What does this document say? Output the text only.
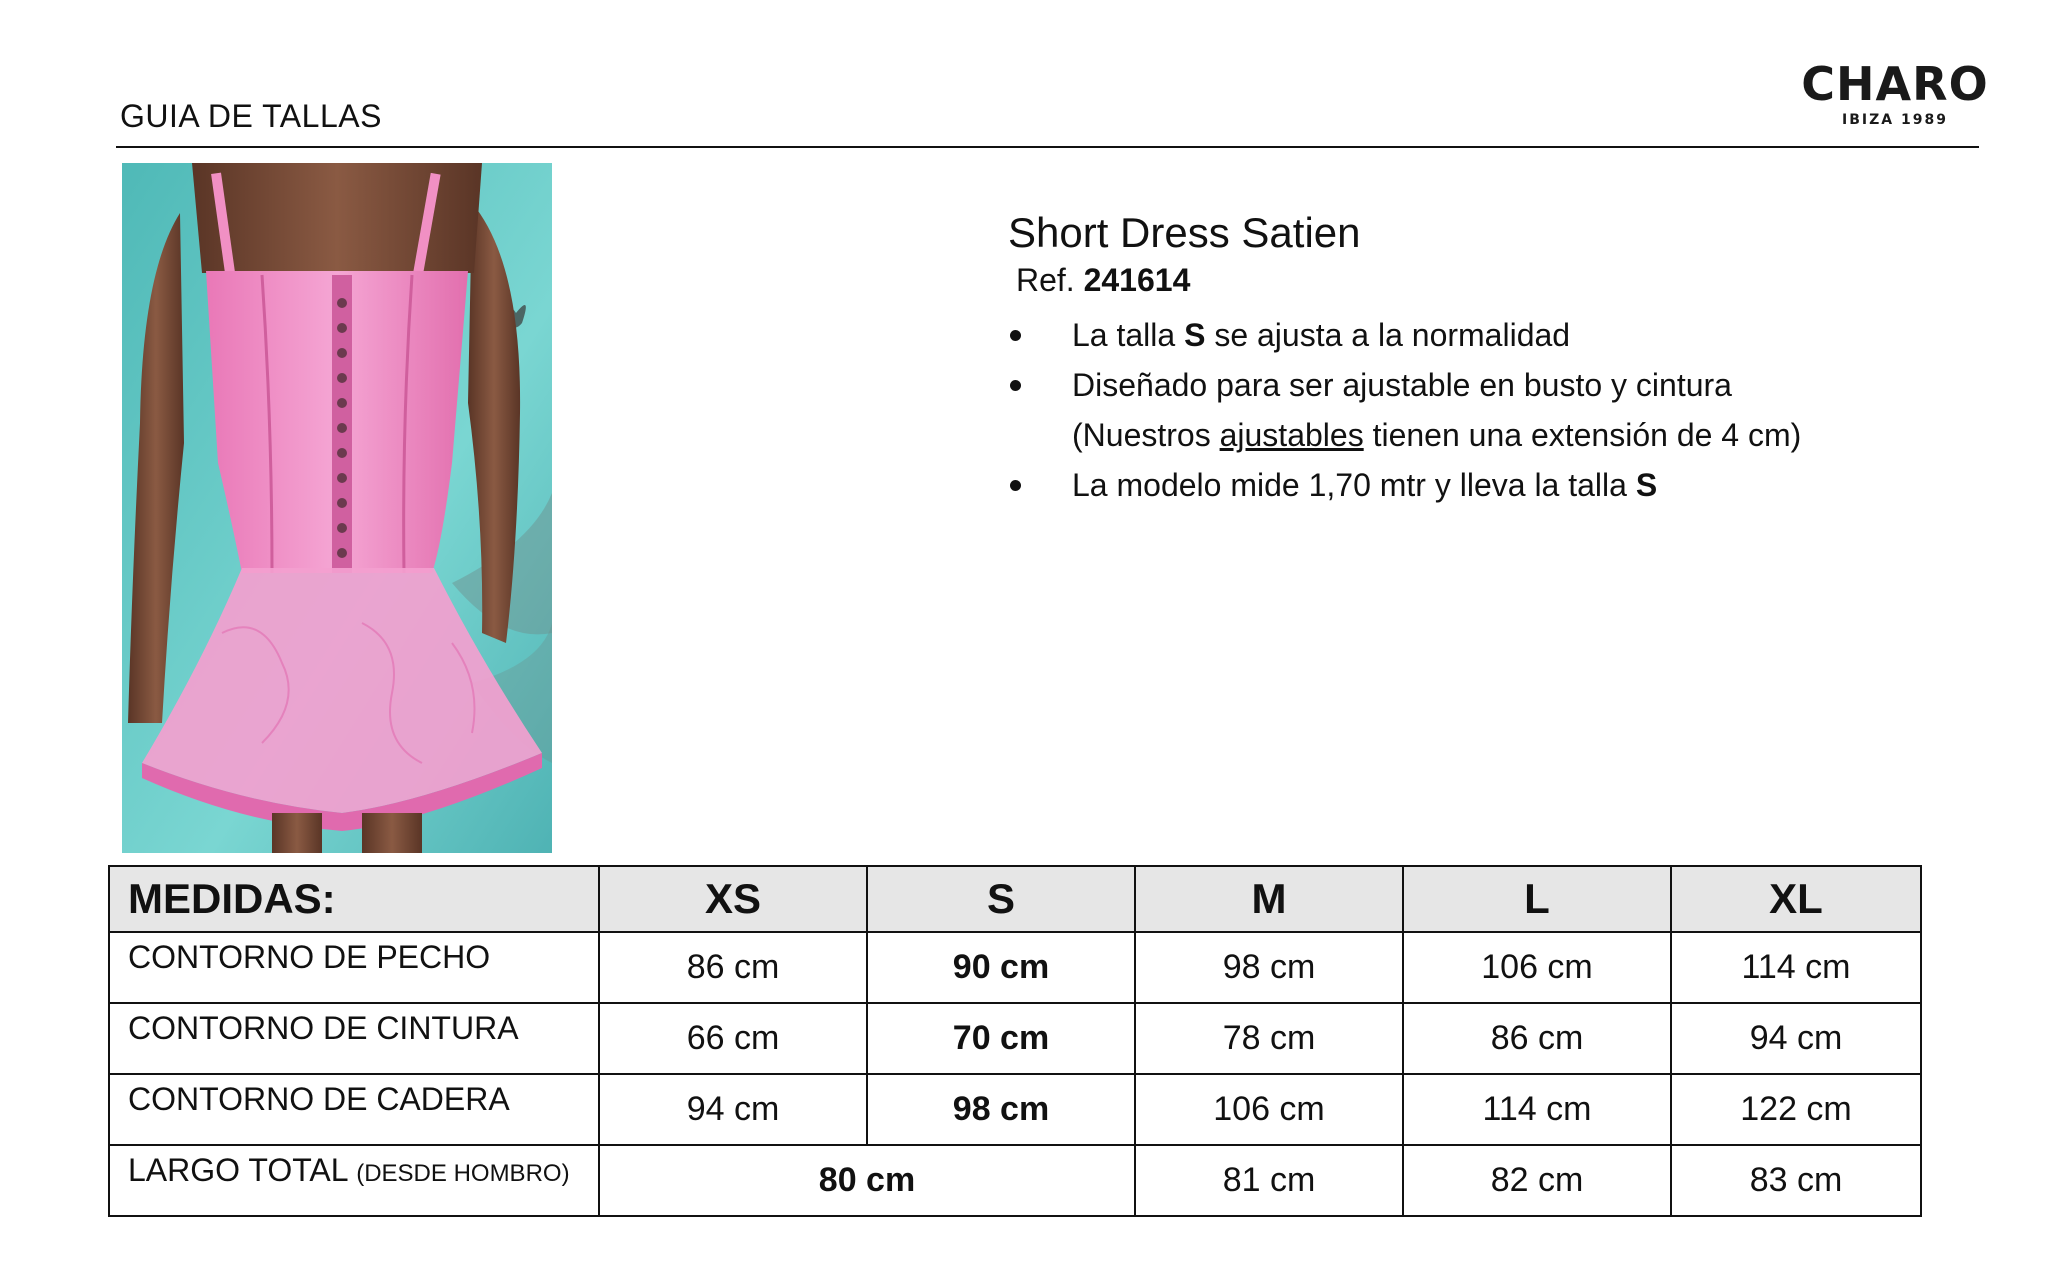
GUIA DE TALLAS
CHARO
IBIZA 1989
Short Dress Satien
Ref. 241614
La talla S se ajusta a la normalidad
Diseñado para ser ajustable en busto y cintura
(Nuestros ajustables tienen una extensión de 4 cm)
La modelo mide 1,70 mtr y lleva la talla S
MEDIDAS:	XS	S	M	L	XL
CONTORNO DE PECHO	86 cm	90 cm	98 cm	106 cm	114 cm
CONTORNO DE CINTURA	66 cm	70 cm	78 cm	86 cm	94 cm
CONTORNO DE CADERA	94 cm	98 cm	106 cm	114 cm	122 cm
LARGO TOTAL (DESDE HOMBRO)	80 cm		81 cm	82 cm	83 cm
